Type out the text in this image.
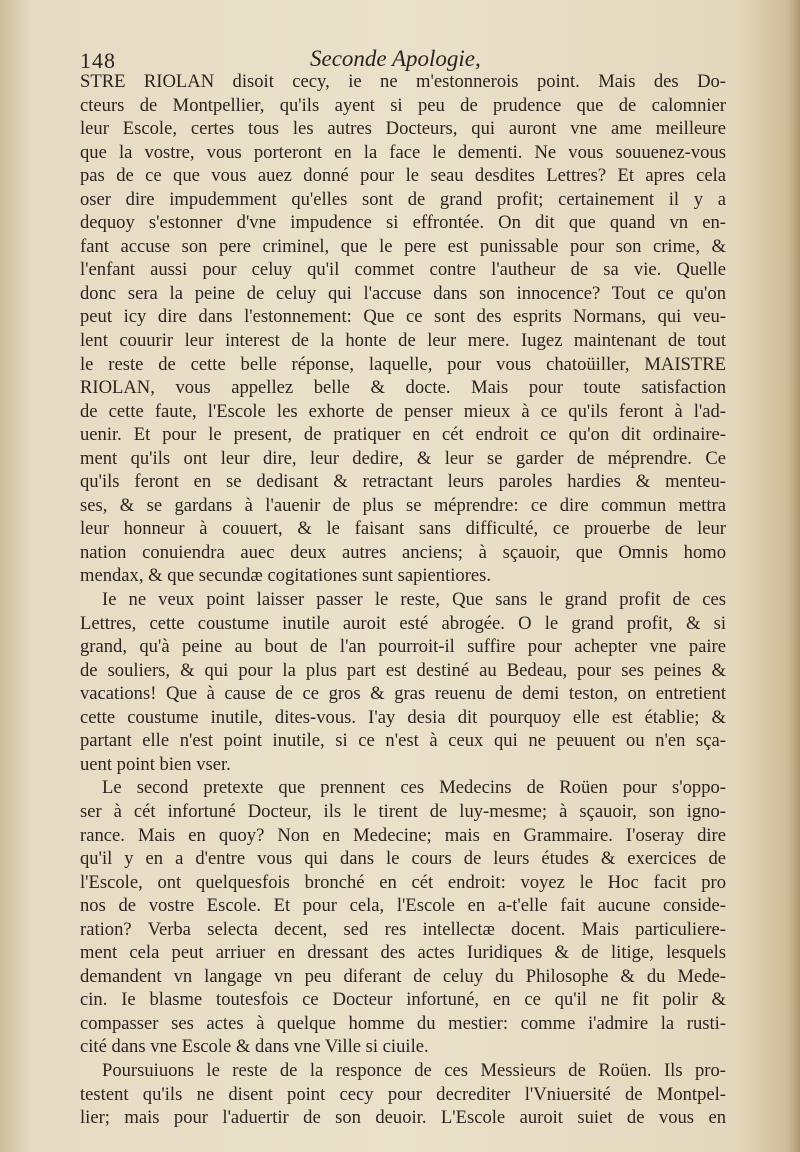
148	Seconde Apologie,
STRE RIOLAN disoit cecy, ie ne m'estonnerois point. Mais des Do-
cteurs de Montpellier, qu'ils ayent si peu de prudence que de calomnier
leur Escole, certes tous les autres Docteurs, qui auront vne ame meilleure
que la vostre, vous porteront en la face le dementi. Ne vous souuenez-vous
pas de ce que vous auez donné pour le seau desdites Lettres? Et apres cela
oser dire impudemment qu'elles sont de grand profit; certainement il y a
dequoy s'estonner d'vne impudence si effrontée. On dit que quand vn en-
fant accuse son pere criminel, que le pere est punissable pour son crime, &
l'enfant aussi pour celuy qu'il commet contre l'autheur de sa vie. Quelle
donc sera la peine de celuy qui l'accuse dans son innocence? Tout ce qu'on
peut icy dire dans l'estonnement: Que ce sont des esprits Normans, qui veu-
lent couurir leur interest de la honte de leur mere. Iugez maintenant de tout
le reste de cette belle réponse, laquelle, pour vous chatoüiller, MAISTRE
RIOLAN, vous appellez belle & docte. Mais pour toute satisfaction
de cette faute, l'Escole les exhorte de penser mieux à ce qu'ils feront à l'ad-
uenir. Et pour le present, de pratiquer en cét endroit ce qu'on dit ordinaire-
ment qu'ils ont leur dire, leur dedire, & leur se garder de méprendre. Ce
qu'ils feront en se dedisant & retractant leurs paroles hardies & menteu-
ses, & se gardans à l'auenir de plus se méprendre: ce dire commun mettra
leur honneur à couuert, & le faisant sans difficulté, ce prouerbe de leur
nation conuiendra auec deux autres anciens; à sçauoir, que Omnis homo
mendax, & que secundæ cogitationes sunt sapientiores.
Ie ne veux point laisser passer le reste, Que sans le grand profit de ces
Lettres, cette coustume inutile auroit esté abrogée. O le grand profit, & si
grand, qu'à peine au bout de l'an pourroit-il suffire pour achepter vne paire
de souliers, & qui pour la plus part est destiné au Bedeau, pour ses peines &
vacations! Que à cause de ce gros & gras reuenu de demi teston, on entretient
cette coustume inutile, dites-vous. I'ay desia dit pourquoy elle est établie; &
partant elle n'est point inutile, si ce n'est à ceux qui ne peuuent ou n'en sça-
uent point bien vser.
Le second pretexte que prennent ces Medecins de Roüen pour s'oppo-
ser à cét infortuné Docteur, ils le tirent de luy-mesme; à sçauoir, son igno-
rance. Mais en quoy? Non en Medecine; mais en Grammaire. I'oseray dire
qu'il y en a d'entre vous qui dans le cours de leurs études & exercices de
l'Escole, ont quelquesfois bronché en cét endroit: voyez le Hoc facit pro
nos de vostre Escole. Et pour cela, l'Escole en a-t'elle fait aucune conside-
ration? Verba selecta decent, sed res intellectæ docent. Mais particuliere-
ment cela peut arriuer en dressant des actes Iuridiques & de litige, lesquels
demandent vn langage vn peu diferant de celuy du Philosophe & du Mede-
cin. Ie blasme toutesfois ce Docteur infortuné, en ce qu'il ne fit polir &
compasser ses actes à quelque homme du mestier: comme i'admire la rusti-
cité dans vne Escole & dans vne Ville si ciuile.
Poursuiuons le reste de la responce de ces Messieurs de Roüen. Ils pro-
testent qu'ils ne disent point cecy pour decrediter l'Vniuersité de Montpel-
lier; mais pour l'aduertir de son deuoir. L'Escole auroit suiet de vous en
